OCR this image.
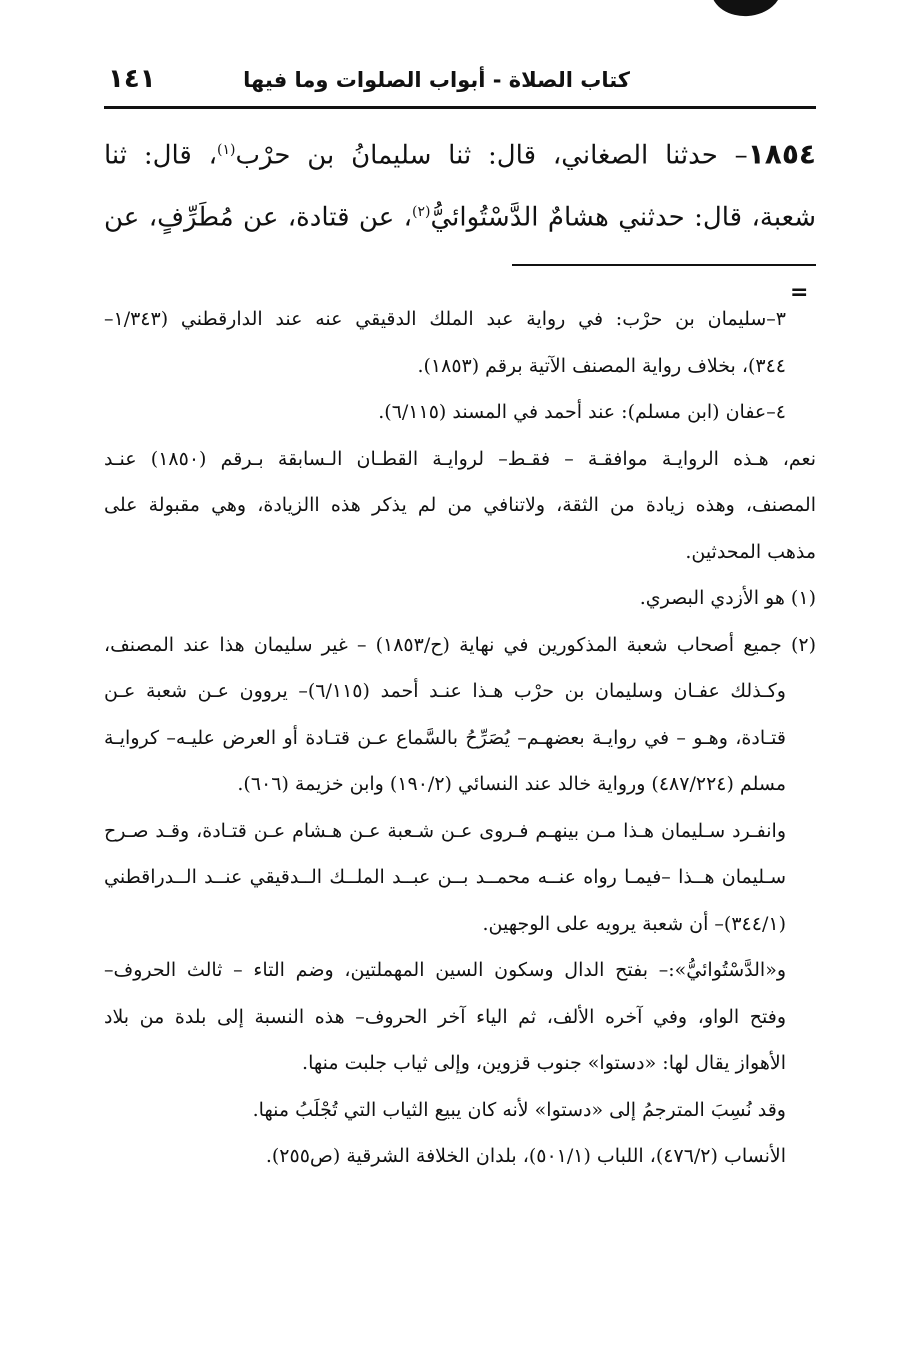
كتاب الصلاة - أبواب الصلوات وما فيها
١٤١

١٨٥٤– حدثنا الصغاني، قال: ثنا سليمانُ بن حرْب$^{(١)}$، قال: ثنا

شعبة، قال: حدثني هشامٌ الدَّسْتُوائيُّ$^{(٢)}$، عن قتادة، عن مُطَرِّفٍ، عن

=

٣–سليمان بن حرْب: في رواية عبد الملك الدقيقي عنه عند الدارقطني (١/٣٤٣–

٣٤٤)، بخلاف رواية المصنف الآتية برقم (١٨٥٣).

٤–عفان (ابن مسلم): عند أحمد في المسند (٦/١١٥).

نعم، هـذه الروايـة موافقـة – فقـط– لروايـة القطـان الـسابقة بـرقم (١٨٥٠) عنـد

المصنف، وهذه زيادة من الثقة، ولاتنافي من لم يذكر هذه االزيادة، وهي مقبولة على

مذهب المحدثين.

(١) هو الأزدي البصري.

(٢) جميع أصحاب شعبة المذكورين في نهاية (ح/١٨٥٣) – غير سليمان هذا عند المصنف،

وكـذلك عفـان وسليمان بن حرْب هـذا عنـد أحمد (٦/١١٥)– يروون عـن شعبة عـن

قتـادة، وهـو – في روايـة بعضهـم– يُصَرِّحُ بالسَّماع عـن قتـادة أو العرض عليـه– كروايـة

مسلم (٤٨٧/٢٢٤) ورواية خالد عند النسائي (١٩٠/٢) وابن خزيمة (٦٠٦).

وانفـرد سـليمان هـذا مـن بينهـم فـروى عـن شـعبة عـن هـشام عـن قتـادة، وقـد صـرح

سـليمان هــذا –فيمـا رواه عنــه محمــد بــن عبــد الملــك الــدقيقي عنــد الــدراقطني

(٣٤٤/١)– أن شعبة يرويه على الوجهين.

و«الدَّسْتُوائيُّ»:– بفتح الدال وسكون السين المهملتين، وضم التاء – ثالث الحروف–

وفتح الواو، وفي آخره الألف، ثم الياء آخر الحروف– هذه النسبة إلى بلدة من بلاد

الأهواز يقال لها: «دستوا» جنوب قزوين، وإلى ثياب جلبت منها.

وقد نُسِبَ المترجمُ إلى «دستوا» لأنه كان يبيع الثياب التي تُجْلَبُ منها.

الأنساب (٤٧٦/٢)، اللباب (٥٠١/١)، بلدان الخلافة الشرقية (ص٢٥٥).
